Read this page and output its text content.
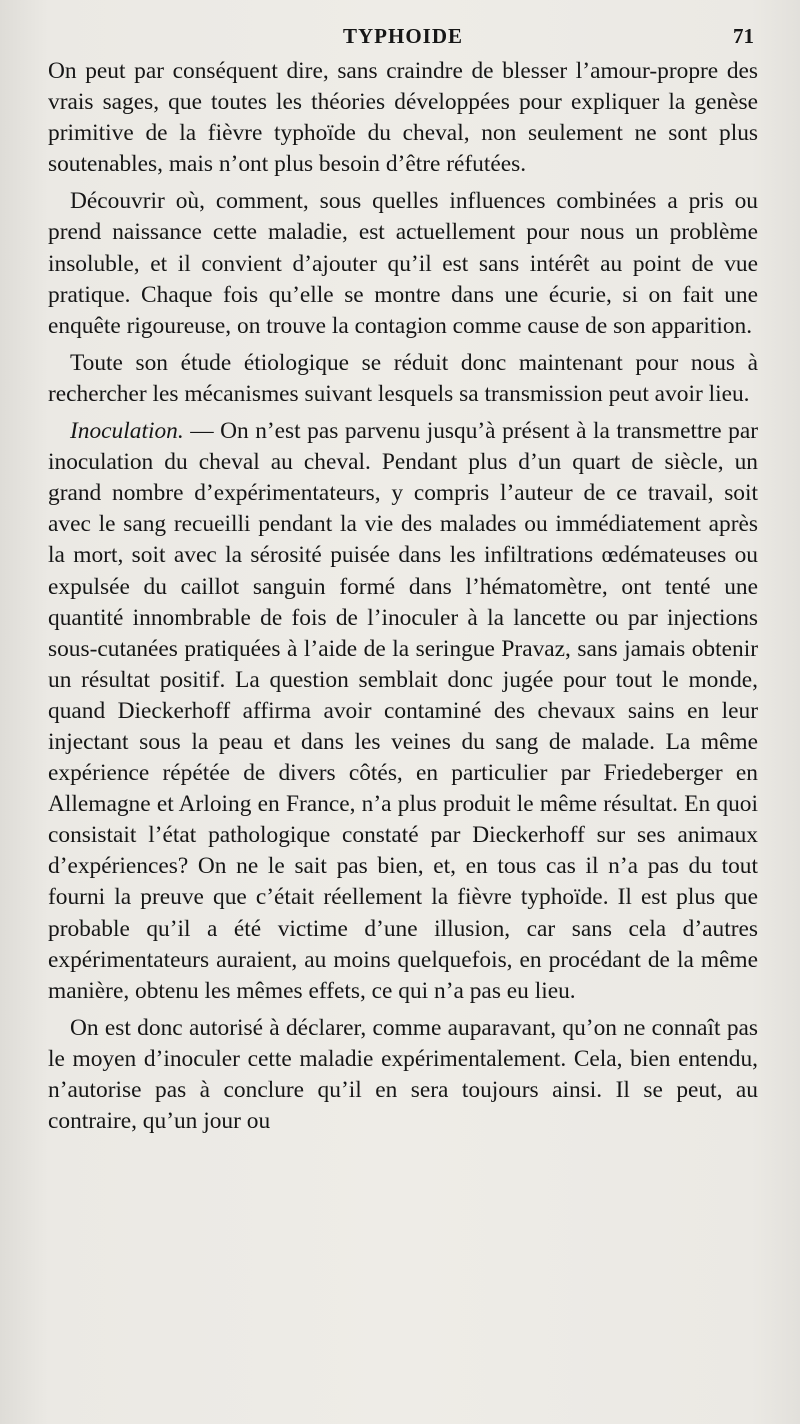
TYPHOIDE	71

On peut par conséquent dire, sans craindre de blesser l’amour-propre des vrais sages, que toutes les théories développées pour expliquer la genèse primitive de la fièvre typhoïde du cheval, non seulement ne sont plus soutenables, mais n’ont plus besoin d’être réfutées.

Découvrir où, comment, sous quelles influences combinées a pris ou prend naissance cette maladie, est actuellement pour nous un problème insoluble, et il convient d’ajouter qu’il est sans intérêt au point de vue pratique. Chaque fois qu’elle se montre dans une écurie, si on fait une enquête rigoureuse, on trouve la contagion comme cause de son apparition.

Toute son étude étiologique se réduit donc maintenant pour nous à rechercher les mécanismes suivant lesquels sa transmission peut avoir lieu.

Inoculation. — On n’est pas parvenu jusqu’à présent à la transmettre par inoculation du cheval au cheval. Pendant plus d’un quart de siècle, un grand nombre d’expérimentateurs, y compris l’auteur de ce travail, soit avec le sang recueilli pendant la vie des malades ou immédiatement après la mort, soit avec la sérosité puisée dans les infiltrations œdémateuses ou expulsée du caillot sanguin formé dans l’hématomètre, ont tenté une quantité innombrable de fois de l’inoculer à la lancette ou par injections sous-cutanées pratiquées à l’aide de la seringue Pravaz, sans jamais obtenir un résultat positif. La question semblait donc jugée pour tout le monde, quand Dieckerhoff affirma avoir contaminé des chevaux sains en leur injectant sous la peau et dans les veines du sang de malade. La même expérience répétée de divers côtés, en particulier par Friedeberger en Allemagne et Arloing en France, n’a plus produit le même résultat. En quoi consistait l’état pathologique constaté par Dieckerhoff sur ses animaux d’expériences? On ne le sait pas bien, et, en tous cas il n’a pas du tout fourni la preuve que c’était réellement la fièvre typhoïde. Il est plus que probable qu’il a été victime d’une illusion, car sans cela d’autres expérimentateurs auraient, au moins quelquefois, en procédant de la même manière, obtenu les mêmes effets, ce qui n’a pas eu lieu.

On est donc autorisé à déclarer, comme auparavant, qu’on ne connaît pas le moyen d’inoculer cette maladie expérimentalement. Cela, bien entendu, n’autorise pas à conclure qu’il en sera toujours ainsi. Il se peut, au contraire, qu’un jour ou
